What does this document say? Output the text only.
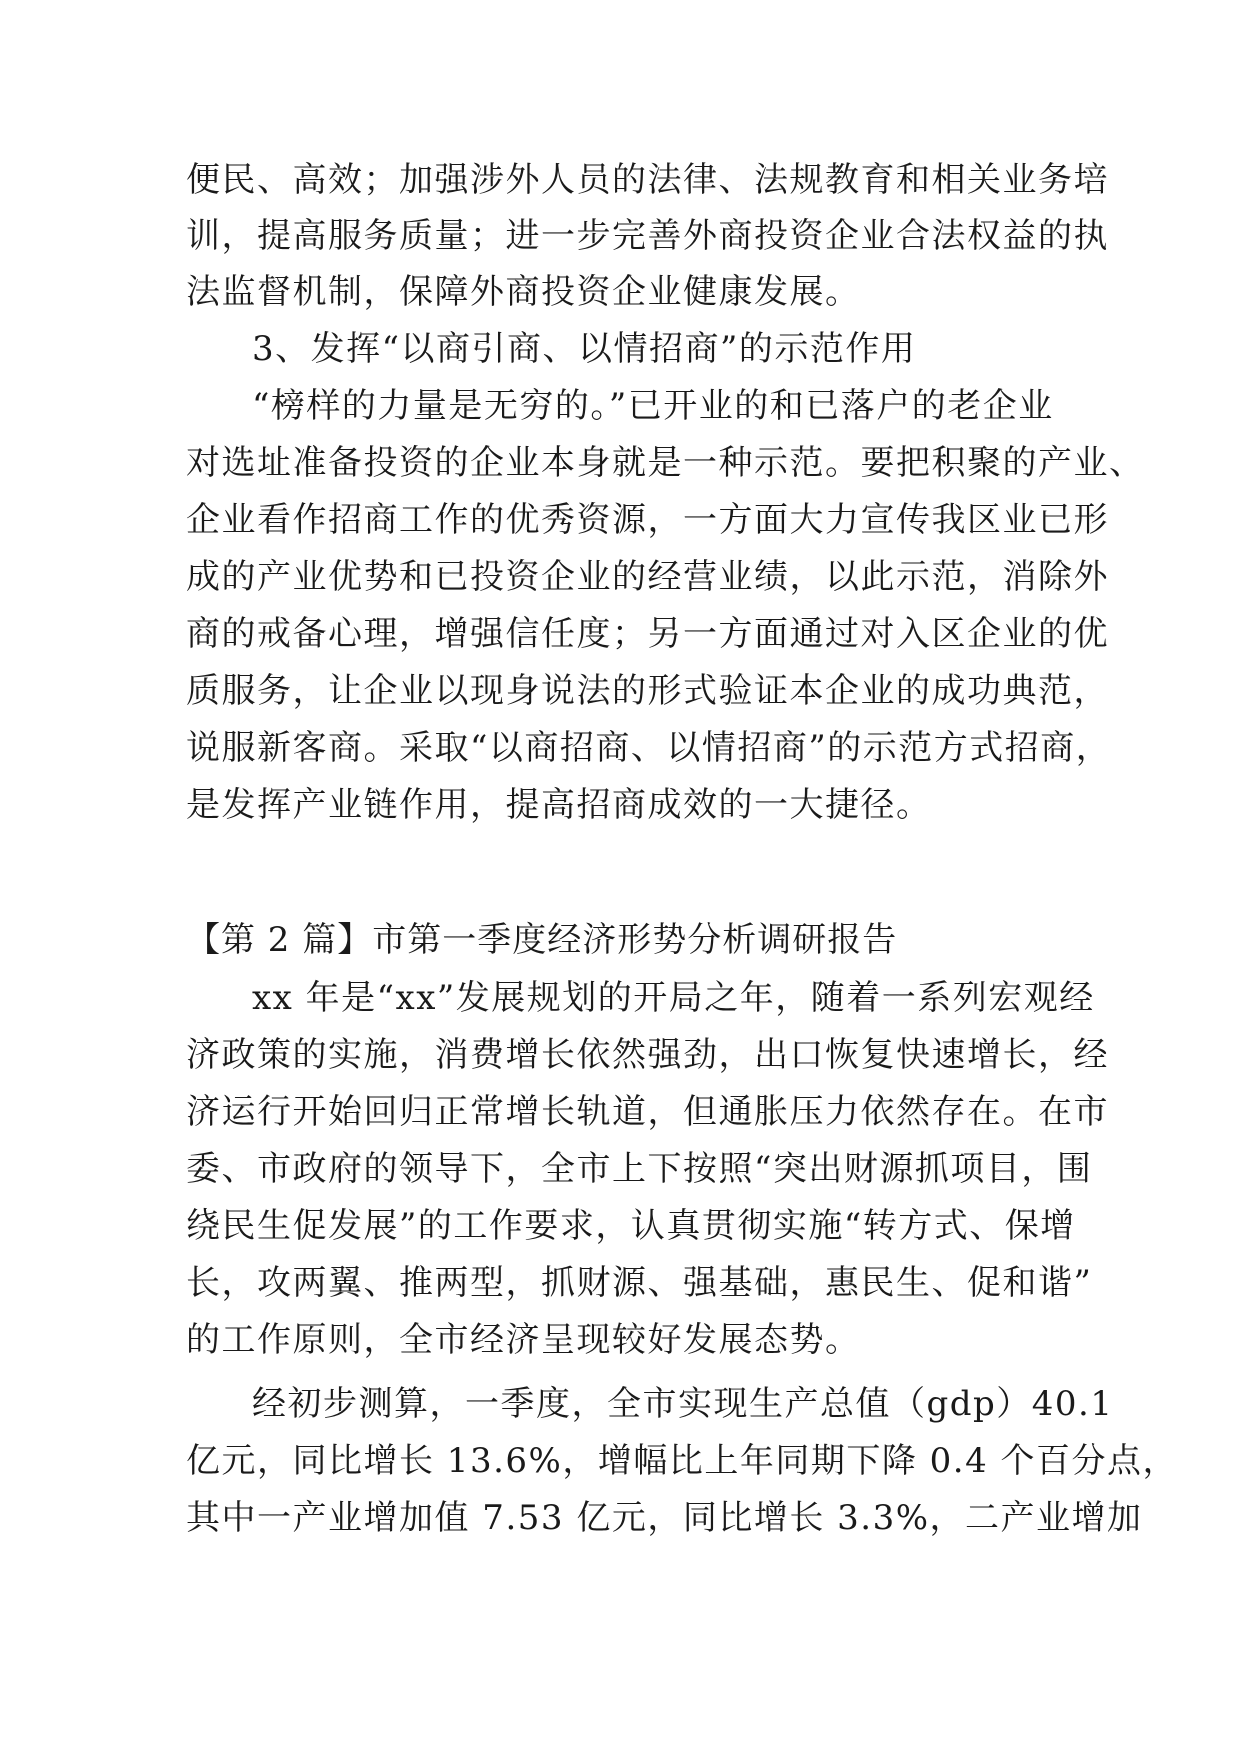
便民、高效；加强涉外人员的法律、法规教育和相关业务培
训，提高服务质量；进一步完善外商投资企业合法权益的执
法监督机制，保障外商投资企业健康发展。
3、发挥“以商引商、以情招商”的示范作用
“榜样的力量是无穷的。”已开业的和已落户的老企业
对选址准备投资的企业本身就是一种示范。要把积聚的产业、
企业看作招商工作的优秀资源，一方面大力宣传我区业已形
成的产业优势和已投资企业的经营业绩，以此示范，消除外
商的戒备心理，增强信任度；另一方面通过对入区企业的优
质服务，让企业以现身说法的形式验证本企业的成功典范，
说服新客商。采取“以商招商、以情招商”的示范方式招商，
是发挥产业链作用，提高招商成效的一大捷径。
【第 2 篇】市第一季度经济形势分析调研报告
xx 年是“xx”发展规划的开局之年，随着一系列宏观经
济政策的实施，消费增长依然强劲，出口恢复快速增长，经
济运行开始回归正常增长轨道，但通胀压力依然存在。在市
委、市政府的领导下，全市上下按照“突出财源抓项目，围
绕民生促发展”的工作要求，认真贯彻实施“转方式、保增
长，攻两翼、推两型，抓财源、强基础，惠民生、促和谐”
的工作原则，全市经济呈现较好发展态势。
经初步测算，一季度，全市实现生产总值（gdp）40.1
亿元，同比增长 13.6%，增幅比上年同期下降 0.4 个百分点，
其中一产业增加值 7.53 亿元，同比增长 3.3%，二产业增加
